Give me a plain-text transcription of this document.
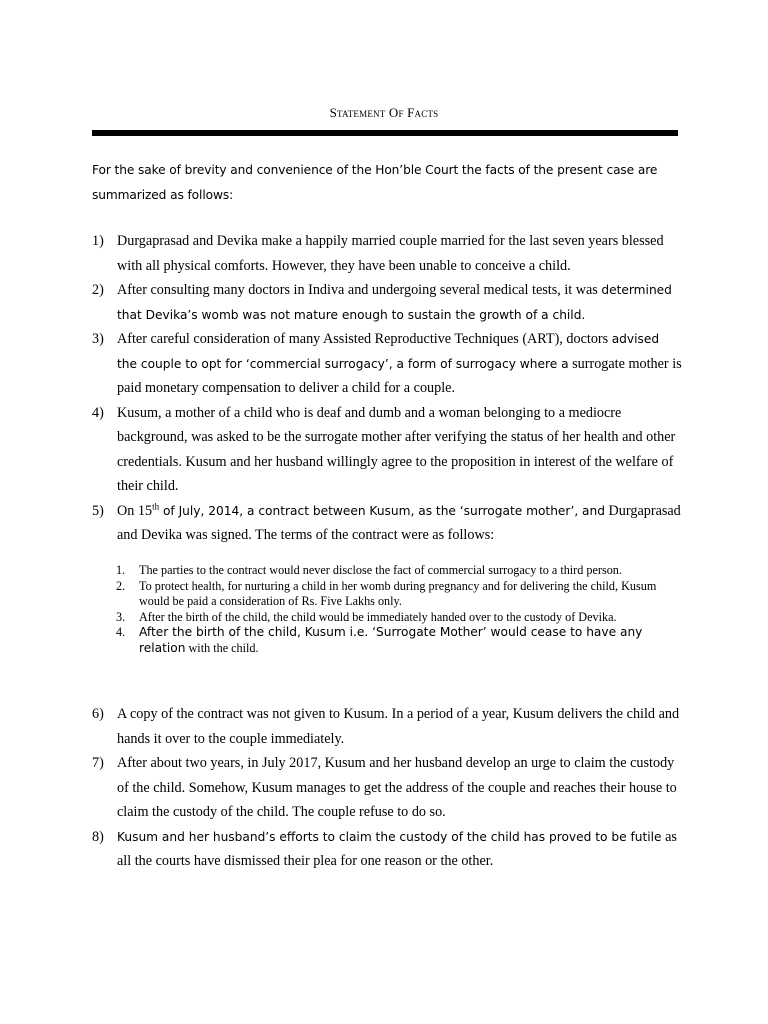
Statement Of Facts
For the sake of brevity and convenience of the Hon’ble Court the facts of the present case are summarized as follows:
1) Durgaprasad and Devika make a happily married couple married for the last seven years blessed with all physical comforts. However, they have been unable to conceive a child.
2) After consulting many doctors in Indiva and undergoing several medical tests, it was determined that Devika’s womb was not mature enough to sustain the growth of a child.
3) After careful consideration of many Assisted Reproductive Techniques (ART), doctors advised the couple to opt for ‘commercial surrogacy’, a form of surrogacy where a surrogate mother is paid monetary compensation to deliver a child for a couple.
4) Kusum, a mother of a child who is deaf and dumb and a woman belonging to a mediocre background, was asked to be the surrogate mother after verifying the status of her health and other credentials. Kusum and her husband willingly agree to the proposition in interest of the welfare of their child.
5) On 15th of July, 2014, a contract between Kusum, as the ‘surrogate mother’, and Durgaprasad and Devika was signed. The terms of the contract were as follows:
1. The parties to the contract would never disclose the fact of commercial surrogacy to a third person.
2. To protect health, for nurturing a child in her womb during pregnancy and for delivering the child, Kusum would be paid a consideration of Rs. Five Lakhs only.
3. After the birth of the child, the child would be immediately handed over to the custody of Devika.
4. After the birth of the child, Kusum i.e. ‘Surrogate Mother’ would cease to have any relation with the child.
6) A copy of the contract was not given to Kusum. In a period of a year, Kusum delivers the child and hands it over to the couple immediately.
7) After about two years, in July 2017, Kusum and her husband develop an urge to claim the custody of the child. Somehow, Kusum manages to get the address of the couple and reaches their house to claim the custody of the child. The couple refuse to do so.
8) Kusum and her husband’s efforts to claim the custody of the child has proved to be futile as all the courts have dismissed their plea for one reason or the other.
